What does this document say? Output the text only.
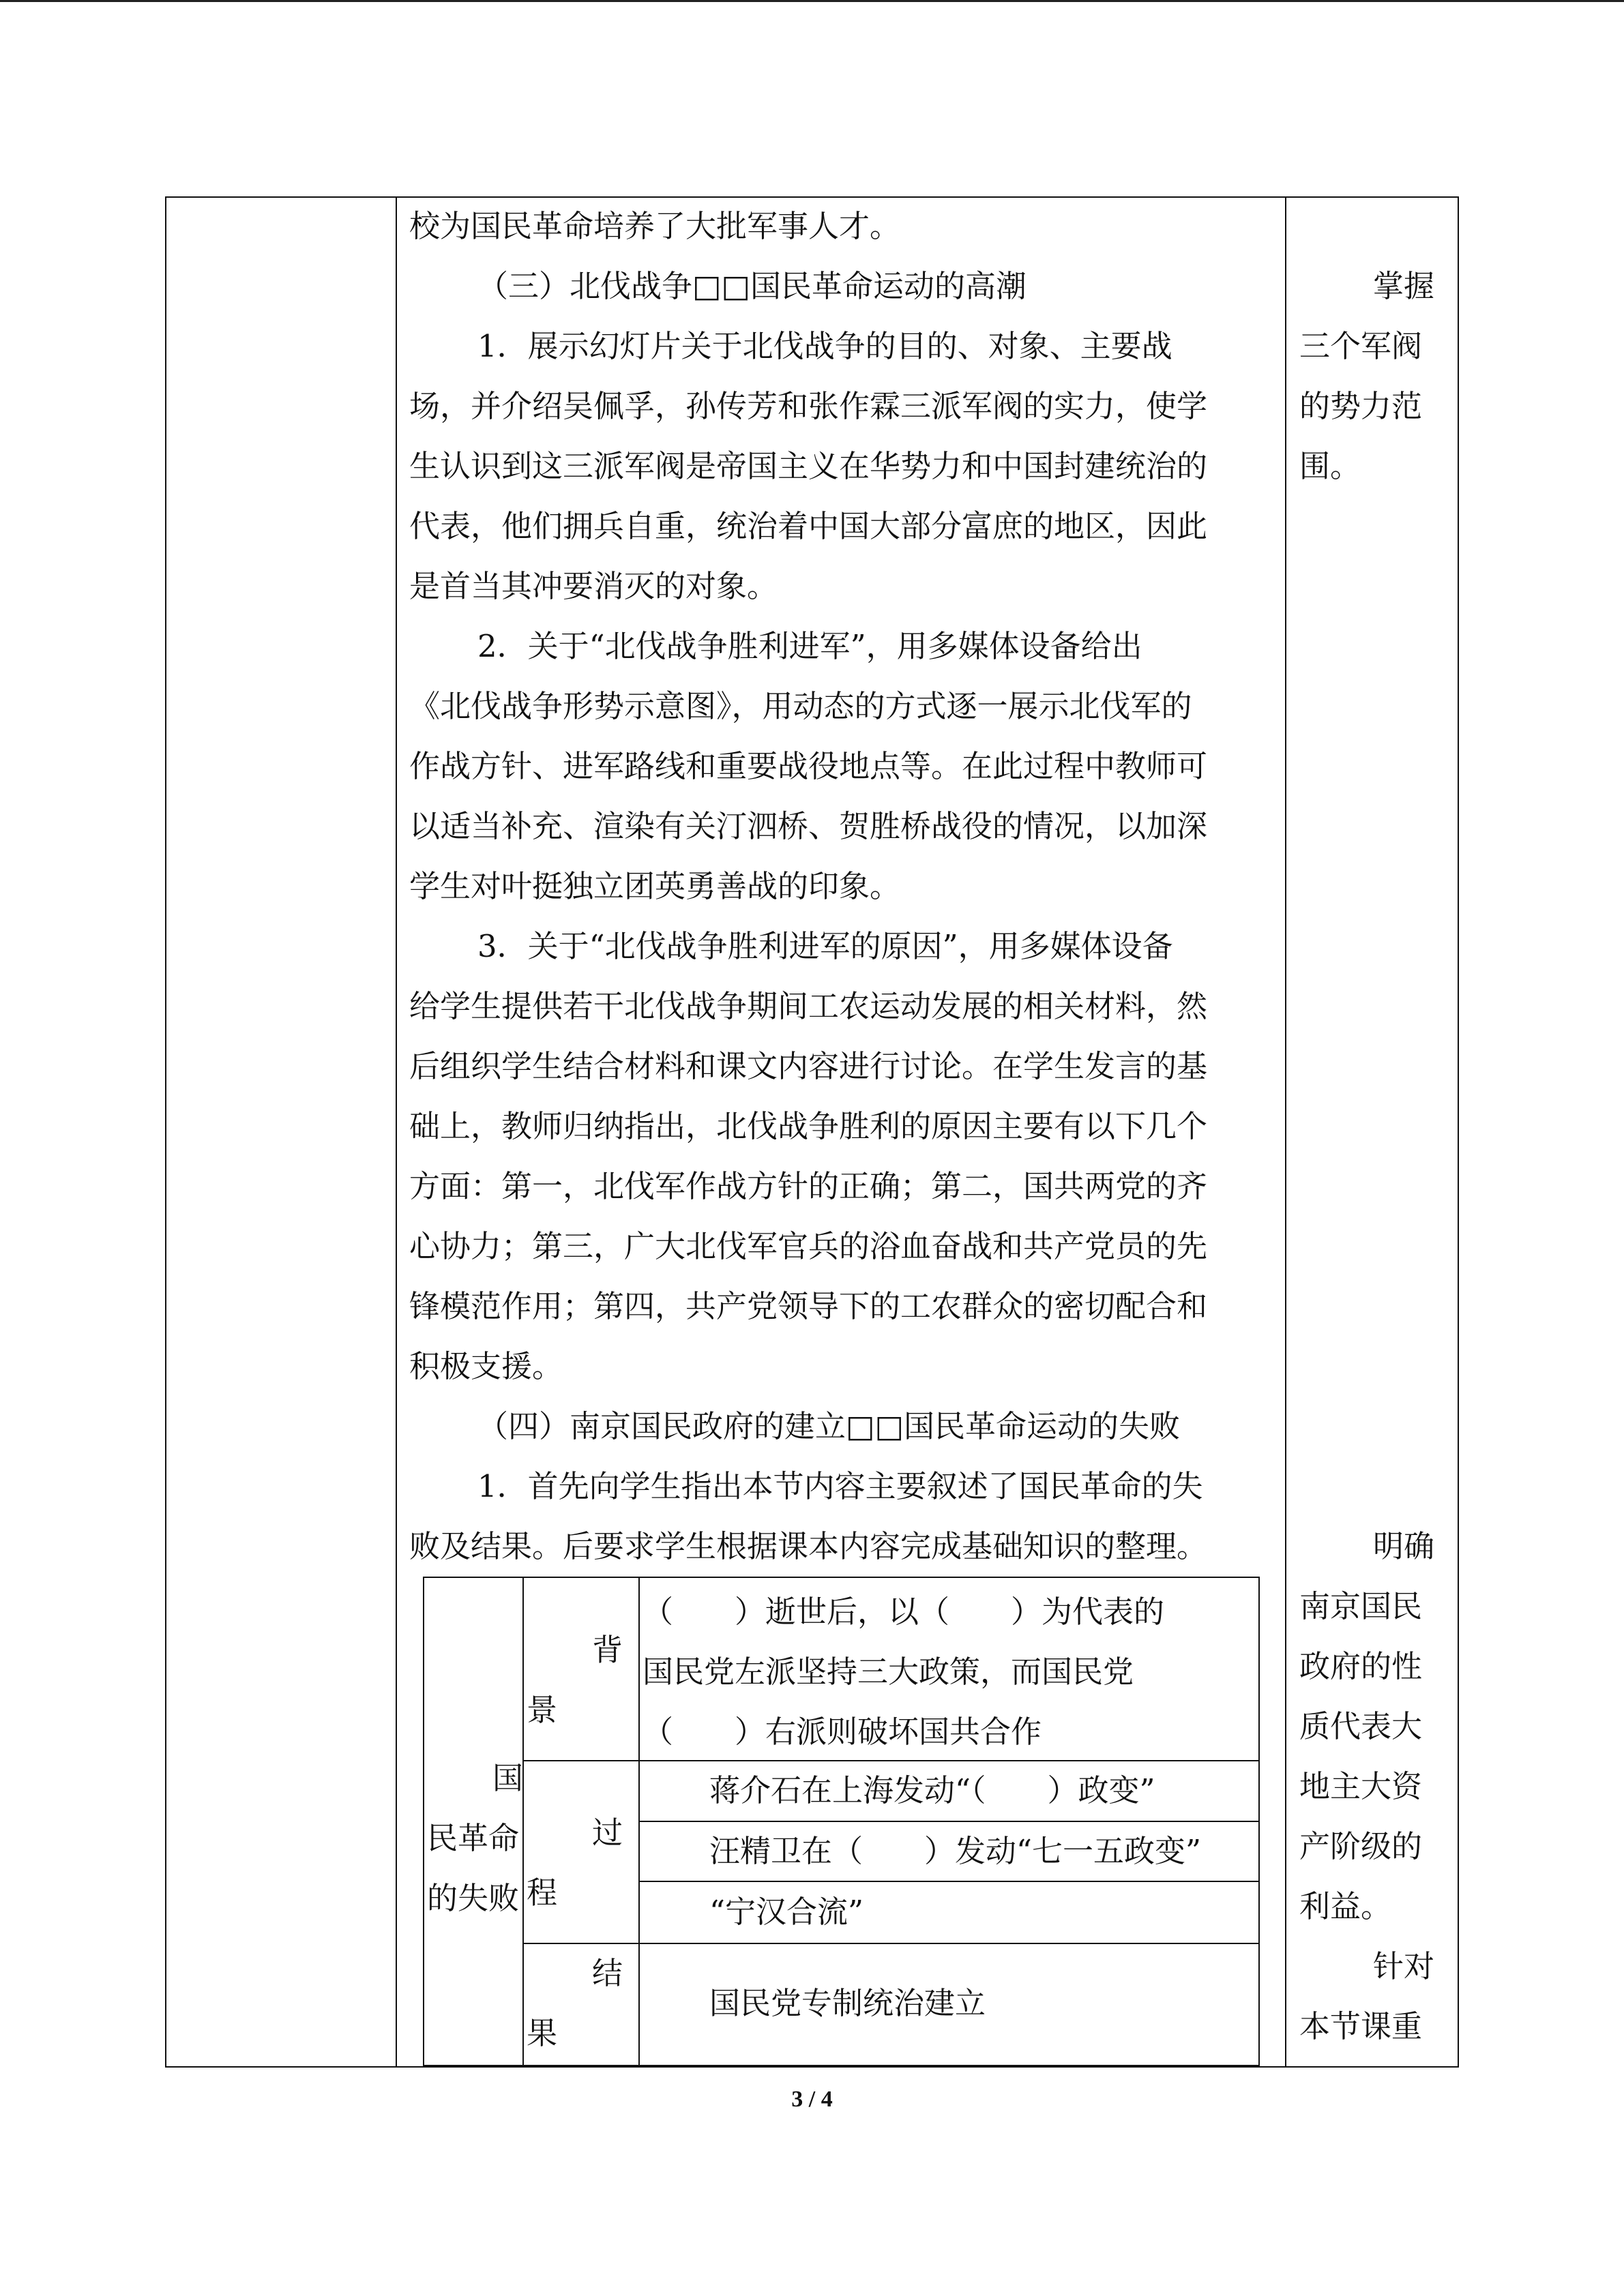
校为国民革命培养了大批军事人才。
（三）北伐战争□□国民革命运动的高潮
1．展示幻灯片关于北伐战争的目的、对象、主要战
场，并介绍吴佩孚，孙传芳和张作霖三派军阀的实力，使学
生认识到这三派军阀是帝国主义在华势力和中国封建统治的
代表，他们拥兵自重，统治着中国大部分富庶的地区，因此
是首当其冲要消灭的对象。
2．关于“北伐战争胜利进军”，用多媒体设备给出
《北伐战争形势示意图》，用动态的方式逐一展示北伐军的
作战方针、进军路线和重要战役地点等。在此过程中教师可
以适当补充、渲染有关汀泗桥、贺胜桥战役的情况，以加深
学生对叶挺独立团英勇善战的印象。
3．关于“北伐战争胜利进军的原因”，用多媒体设备
给学生提供若干北伐战争期间工农运动发展的相关材料，然
后组织学生结合材料和课文内容进行讨论。在学生发言的基
础上，教师归纳指出，北伐战争胜利的原因主要有以下几个
方面：第一，北伐军作战方针的正确；第二，国共两党的齐
心协力；第三，广大北伐军官兵的浴血奋战和共产党员的先
锋模范作用；第四，共产党领导下的工农群众的密切配合和
积极支援。
（四）南京国民政府的建立□□国民革命运动的失败
1．首先向学生指出本节内容主要叙述了国民革命的失
败及结果。后要求学生根据课本内容完成基础知识的整理。
掌握
三个军阀
的势力范
围。
明确
南京国民
政府的性
质代表大
地主大资
产阶级的
利益。
针对
本节课重
国
民革命
的失败
背
景
（　　）逝世后，以（　　）为代表的
国民党左派坚持三大政策，而国民党
（　　）右派则破坏国共合作
过
程
蒋介石在上海发动“（　　）政变”
汪精卫在（　　）发动“七一五政变”
“宁汉合流”
结
果
国民党专制统治建立
3 / 4
